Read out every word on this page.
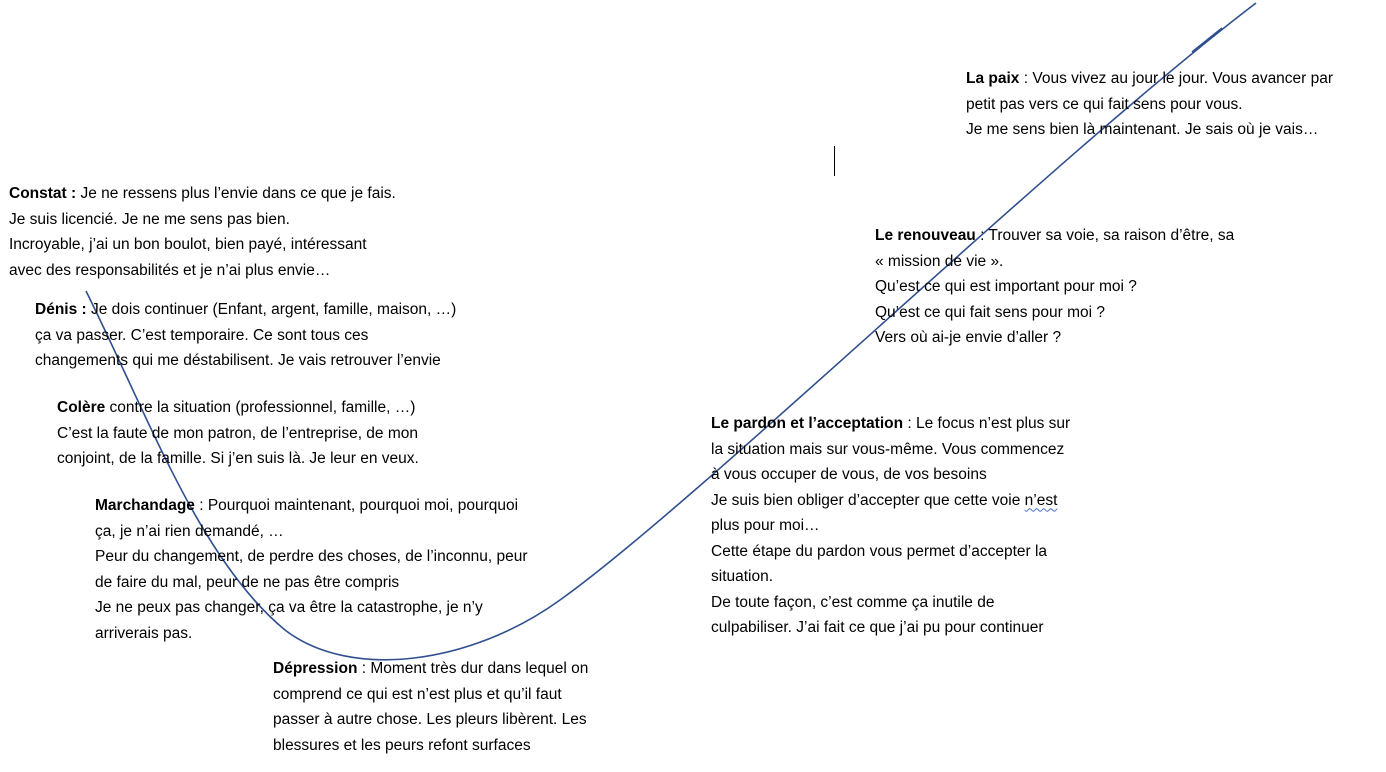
Constat : Je ne ressens plus l’envie dans ce que je fais.

Je suis licencié. Je ne me sens pas bien.

Incroyable, j’ai un bon boulot, bien payé, intéressant

avec des responsabilités et je n’ai plus envie…

Dénis : Je dois continuer (Enfant, argent, famille, maison, …)

ça va passer. C’est temporaire. Ce sont tous ces

changements qui me déstabilisent. Je vais retrouver l’envie

Colère contre la situation (professionnel, famille, …)

C’est la faute de mon patron, de l’entreprise, de mon

conjoint, de la famille. Si j’en suis là. Je leur en veux.

Marchandage : Pourquoi maintenant, pourquoi moi, pourquoi

ça, je n’ai rien demandé, …

Peur du changement, de perdre des choses, de l’inconnu, peur

de faire du mal, peur de ne pas être compris

Je ne peux pas changer, ça va être la catastrophe, je n’y

arriverais pas.

Dépression : Moment très dur dans lequel on

comprend ce qui est n’est plus et qu’il faut

passer à autre chose. Les pleurs libèrent. Les

blessures et les peurs refont surfaces

Le pardon et l’acceptation : Le focus n’est plus sur

la situation mais sur vous-même. Vous commencez

à vous occuper de vous, de vos besoins

Je suis bien obliger d’accepter que cette voie n’est

plus pour moi…

Cette étape du pardon vous permet d’accepter la

situation.

De toute façon, c’est comme ça inutile de

culpabiliser. J’ai fait ce que j’ai pu pour continuer

Le renouveau : Trouver sa voie, sa raison d’être, sa

« mission de vie ».

Qu’est ce qui est important pour moi ?

Qu’est ce qui fait sens pour moi ?

Vers où ai-je envie d’aller ?

La paix : Vous vivez au jour le jour. Vous avancer par

petit pas vers ce qui fait sens pour vous.

Je me sens bien là maintenant. Je sais où je vais…
